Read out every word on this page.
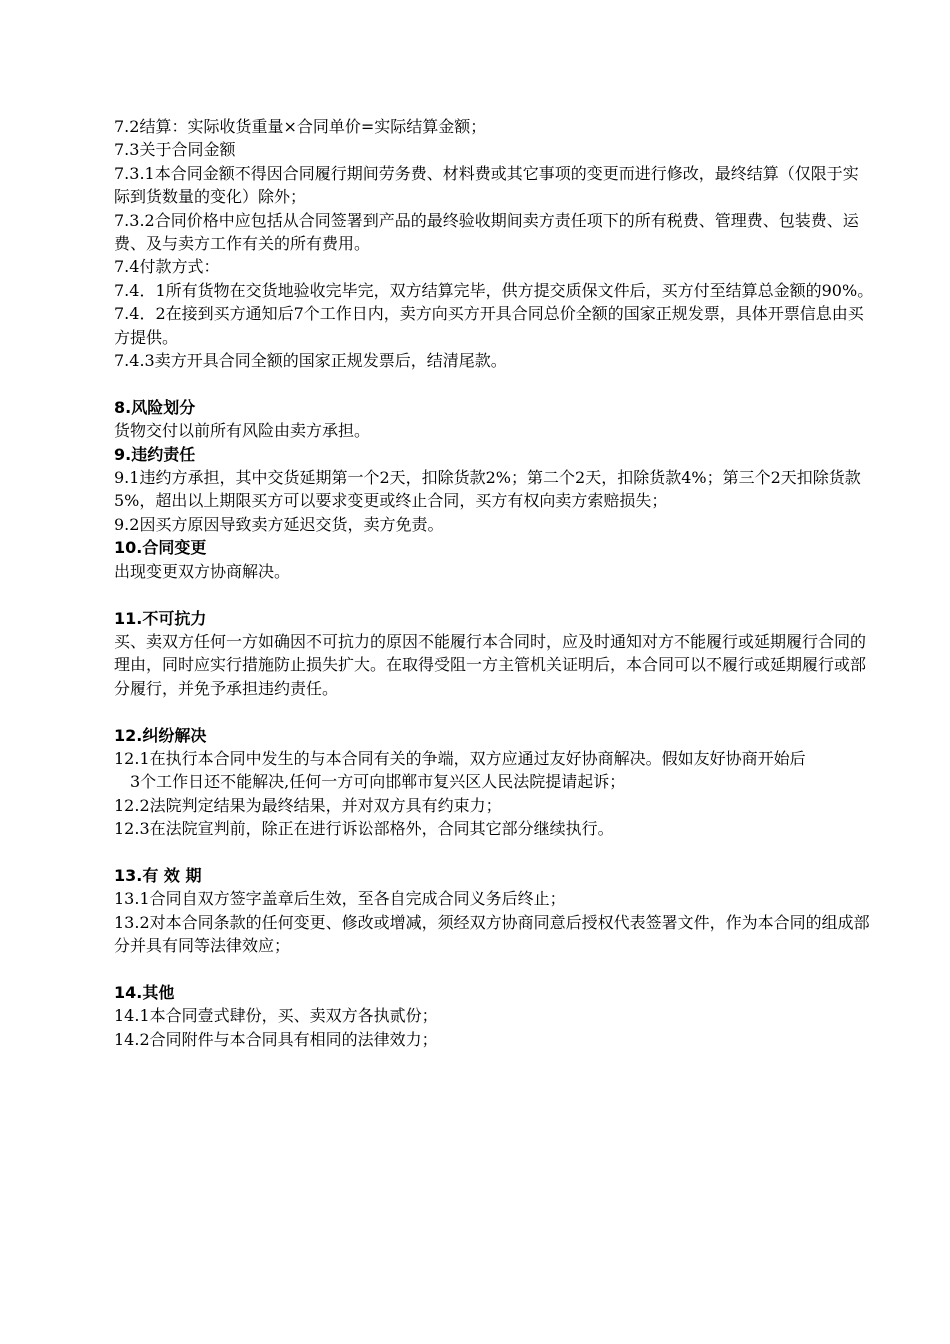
7.2结算：实际收货重量×合同单价=实际结算金额；

7.3关于合同金额

7.3.1本合同金额不得因合同履行期间劳务费、材料费或其它事项的变更而进行修改，最终结算（仅限于实际到货数量的变化）除外；

7.3.2合同价格中应包括从合同签署到产品的最终验收期间卖方责任项下的所有税费、管理费、包装费、运费、及与卖方工作有关的所有费用。

7.4付款方式：

7.4．1所有货物在交货地验收完毕完，双方结算完毕，供方提交质保文件后，买方付至结算总金额的90%。

7.4．2在接到买方通知后7个工作日内，卖方向买方开具合同总价全额的国家正规发票，具体开票信息由买方提供。

7.4.3卖方开具合同全额的国家正规发票后，结清尾款。

8.风险划分

货物交付以前所有风险由卖方承担。

9.违约责任

9.1违约方承担，其中交货延期第一个2天，扣除货款2%；第二个2天，扣除货款4%；第三个2天扣除货款5%，超出以上期限买方可以要求变更或终止合同，买方有权向卖方索赔损失；

9.2因买方原因导致卖方延迟交货，卖方免责。

10.合同变更

出现变更双方协商解决。

11.不可抗力

买、卖双方任何一方如确因不可抗力的原因不能履行本合同时，应及时通知对方不能履行或延期履行合同的理由，同时应实行措施防止损失扩大。在取得受阻一方主管机关证明后，本合同可以不履行或延期履行或部分履行，并免予承担违约责任。

12.纠纷解决

12.1在执行本合同中发生的与本合同有关的争端，双方应通过友好协商解决。假如友好协商开始后

3个工作日还不能解决,任何一方可向邯郸市复兴区人民法院提请起诉；

12.2法院判定结果为最终结果，并对双方具有约束力；

12.3在法院宣判前，除正在进行诉讼部格外，合同其它部分继续执行。

13.有 效 期

13.1合同自双方签字盖章后生效，至各自完成合同义务后终止；

13.2对本合同条款的任何变更、修改或增减，须经双方协商同意后授权代表签署文件，作为本合同的组成部分并具有同等法律效应；

14.其他

14.1本合同壹式肆份，买、卖双方各执贰份；

14.2合同附件与本合同具有相同的法律效力；
